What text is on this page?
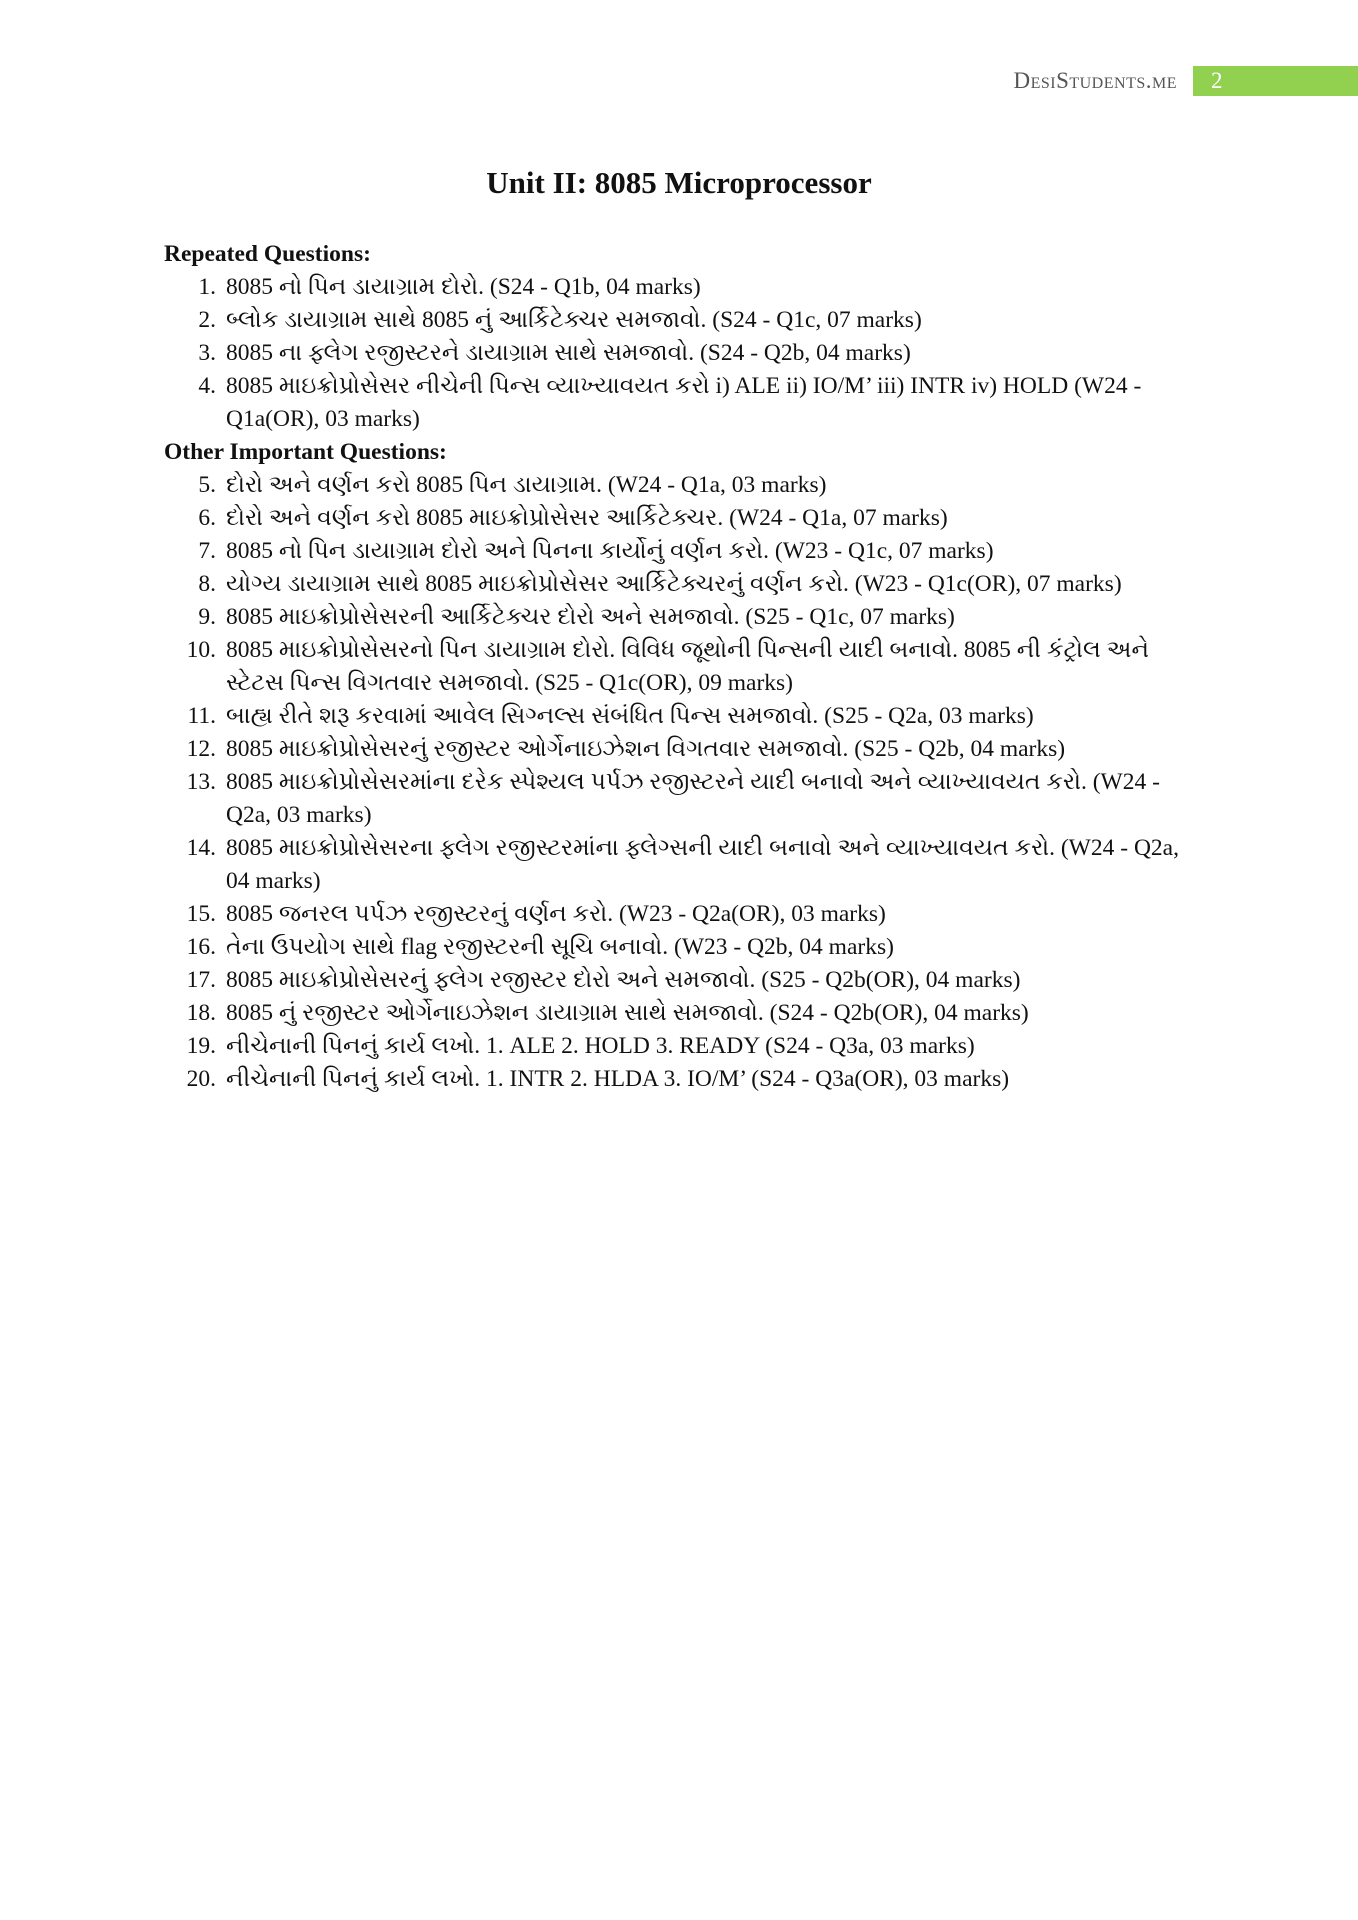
DesiStudents.me	2
Unit II: 8085 Microprocessor
Repeated Questions:
1. 8085 નો પિન ડાયાગ્રામ દોરો. (S24 - Q1b, 04 marks)
2. બ્લોક ડાયાગ્રામ સાથે 8085 નું આર્કિટેક્ચર સમજાવો. (S24 - Q1c, 07 marks)
3. 8085 ના ફ્લેગ રજીસ્ટરને ડાયાગ્રામ સાથે સમજાવો. (S24 - Q2b, 04 marks)
4. 8085 માઇક્રોપ્રોસેસર નીચેની પિન્સ વ્યાખ્યાવયત કરો i) ALE ii) IO/M’ iii) INTR iv) HOLD (W24 - Q1a(OR), 03 marks)
Other Important Questions:
5. દોરો અને વર્ણન કરો 8085 પિન ડાયાગ્રામ. (W24 - Q1a, 03 marks)
6. દોરો અને વર્ણન કરો 8085 માઇક્રોપ્રોસેસર આર્કિટેક્ચર. (W24 - Q1a, 07 marks)
7. 8085 નો પિન ડાયાગ્રામ દોરો અને પિનના કાર્યોનું વર્ણન કરો. (W23 - Q1c, 07 marks)
8. યોગ્ય ડાયાગ્રામ સાથે 8085 માઇક્રોપ્રોસેસર આર્કિટેક્ચરનું વર્ણન કરો. (W23 - Q1c(OR), 07 marks)
9. 8085 માઇક્રોપ્રોસેસરની આર્કિટેક્ચર દોરો અને સમજાવો. (S25 - Q1c, 07 marks)
10. 8085 માઇક્રોપ્રોસેસરનો પિન ડાયાગ્રામ દોરો. વિવિધ જૂથોની પિન્સની યાદી બનાવો. 8085 ની કંટ્રોલ અને સ્ટેટસ પિન્સ વિગતવાર સમજાવો. (S25 - Q1c(OR), 09 marks)
11. બાહ્ય રીતે શરૂ કરવામાં આવેલ સિગ્નલ્સ સંબંધિત પિન્સ સમજાવો. (S25 - Q2a, 03 marks)
12. 8085 માઇક્રોપ્રોસેસરનું રજીસ્ટર ઓર્ગેનાઇઝેશન વિગતવાર સમજાવો. (S25 - Q2b, 04 marks)
13. 8085 માઇક્રોપ્રોસેસરમાંના દરેક સ્પેશ્યલ પર્પઝ રજીસ્ટરને યાદી બનાવો અને વ્યાખ્યાવયત કરો. (W24 - Q2a, 03 marks)
14. 8085 માઇક્રોપ્રોસેસરના ફ્લેગ રજીસ્ટરમાંના ફ્લેગ્સની યાદી બનાવો અને વ્યાખ્યાવયત કરો. (W24 - Q2a, 04 marks)
15. 8085 જનરલ પર્પઝ રજીસ્ટરનું વર્ણન કરો. (W23 - Q2a(OR), 03 marks)
16. તેના ઉપયોગ સાથે flag રજીસ્ટરની સૂચિ બનાવો. (W23 - Q2b, 04 marks)
17. 8085 માઇક્રોપ્રોસેસરનું ફ્લેગ રજીસ્ટર દોરો અને સમજાવો. (S25 - Q2b(OR), 04 marks)
18. 8085 નું રજીસ્ટર ઓર્ગેનાઇઝેશન ડાયાગ્રામ સાથે સમજાવો. (S24 - Q2b(OR), 04 marks)
19. નીચેનાની પિનનું કાર્ય લખો. 1. ALE 2. HOLD 3. READY (S24 - Q3a, 03 marks)
20. નીચેનાની પિનનું કાર્ય લખો. 1. INTR 2. HLDA 3. IO/M’ (S24 - Q3a(OR), 03 marks)
